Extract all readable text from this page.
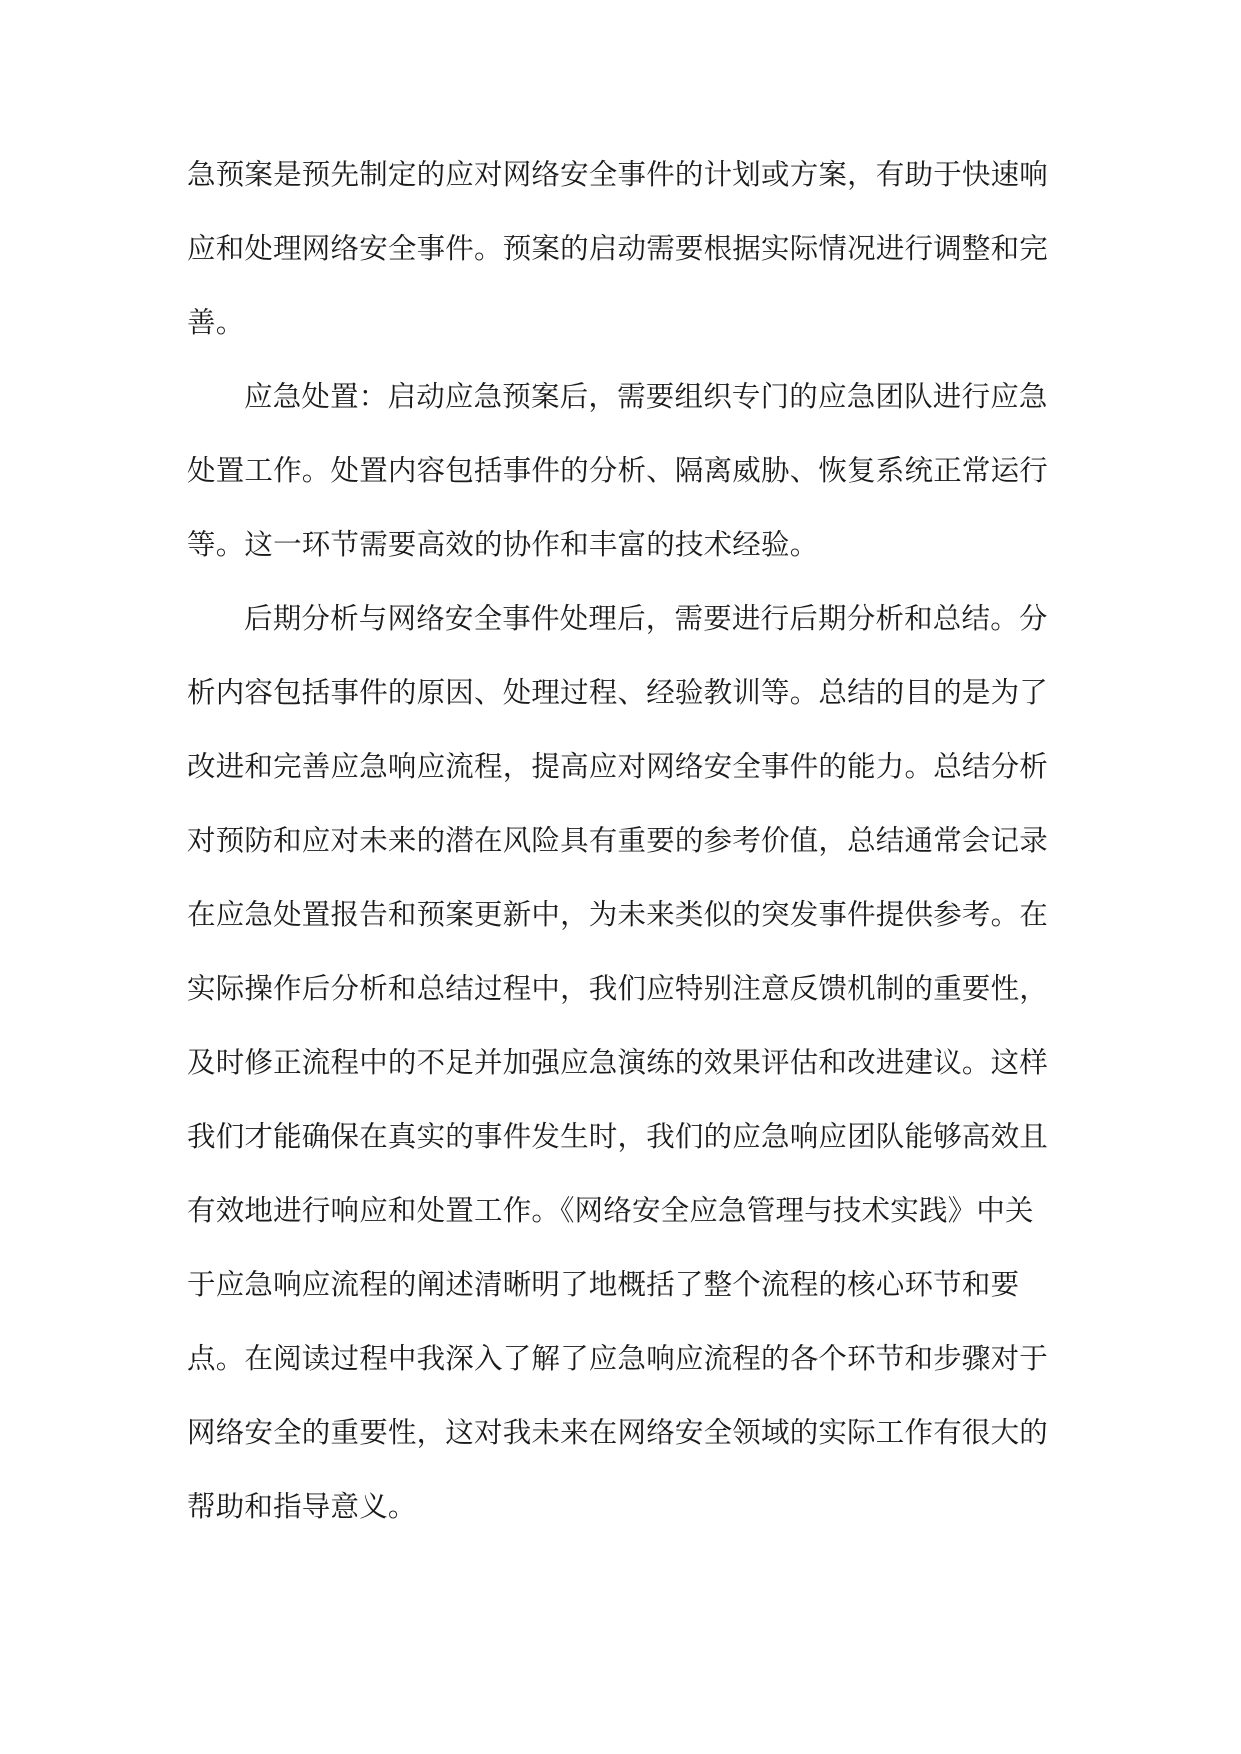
急预案是预先制定的应对网络安全事件的计划或方案，有助于快速响
应和处理网络安全事件。预案的启动需要根据实际情况进行调整和完
善。
应急处置：启动应急预案后，需要组织专门的应急团队进行应急
处置工作。处置内容包括事件的分析、隔离威胁、恢复系统正常运行
等。这一环节需要高效的协作和丰富的技术经验。
后期分析与网络安全事件处理后，需要进行后期分析和总结。分
析内容包括事件的原因、处理过程、经验教训等。总结的目的是为了
改进和完善应急响应流程，提高应对网络安全事件的能力。总结分析
对预防和应对未来的潜在风险具有重要的参考价值，总结通常会记录
在应急处置报告和预案更新中，为未来类似的突发事件提供参考。在
实际操作后分析和总结过程中，我们应特别注意反馈机制的重要性，
及时修正流程中的不足并加强应急演练的效果评估和改进建议。这样
我们才能确保在真实的事件发生时，我们的应急响应团队能够高效且
有效地进行响应和处置工作。《网络安全应急管理与技术实践》中关
于应急响应流程的阐述清晰明了地概括了整个流程的核心环节和要
点。在阅读过程中我深入了解了应急响应流程的各个环节和步骤对于
网络安全的重要性，这对我未来在网络安全领域的实际工作有很大的
帮助和指导意义。
